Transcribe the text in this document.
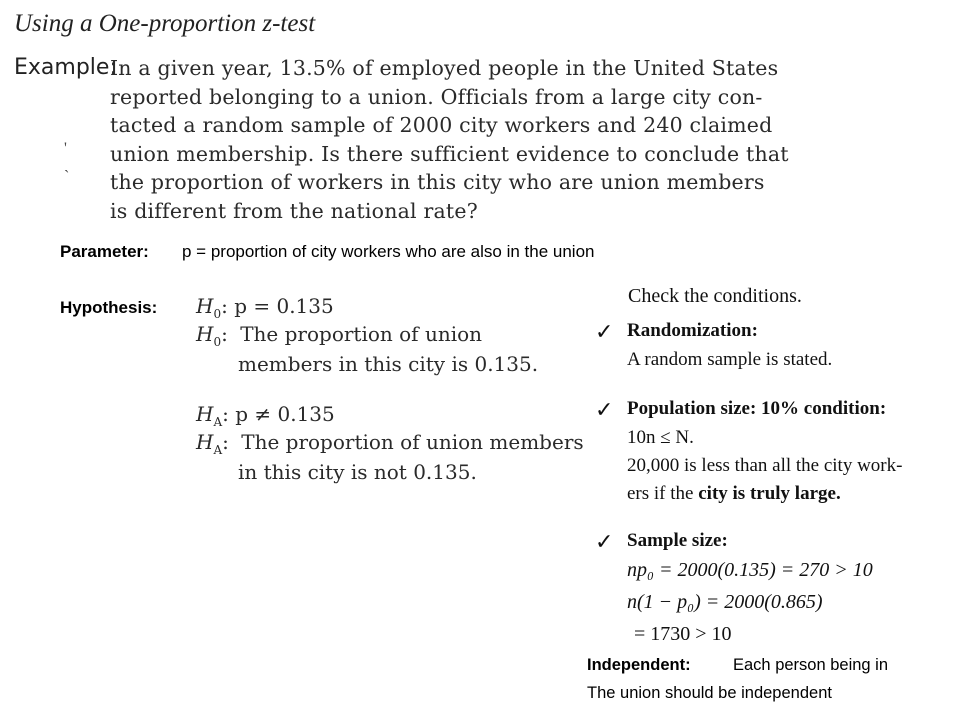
Using a One-proportion z-test
Example:
In a given year, 13.5% of employed people in the United States
reported belonging to a union. Officials from a large city con-
tacted a random sample of 2000 city workers and 240 claimed
union membership. Is there sufficient evidence to conclude that
the proportion of workers in this city who are union members
is different from the national rate?
'
`
Parameter: p = proportion of city workers who are also in the union
Hypothesis: $H_0$: p = 0.135
$H_0$: The proportion of union
members in this city is 0.135.
$H_A$: p ≠ 0.135
$H_A$: The proportion of union members
in this city is not 0.135.
Check the conditions.
✓ Randomization:
A random sample is stated.
✓ Population size: 10% condition:
10n ≤ N.
20,000 is less than all the city work-
ers if the city is truly large.
✓ Sample size:
np₀ = 2000(0.135) = 270 > 10
n(1 − p₀) = 2000(0.865)
= 1730 > 10
Independent:	Each person being in
The union should be independent
